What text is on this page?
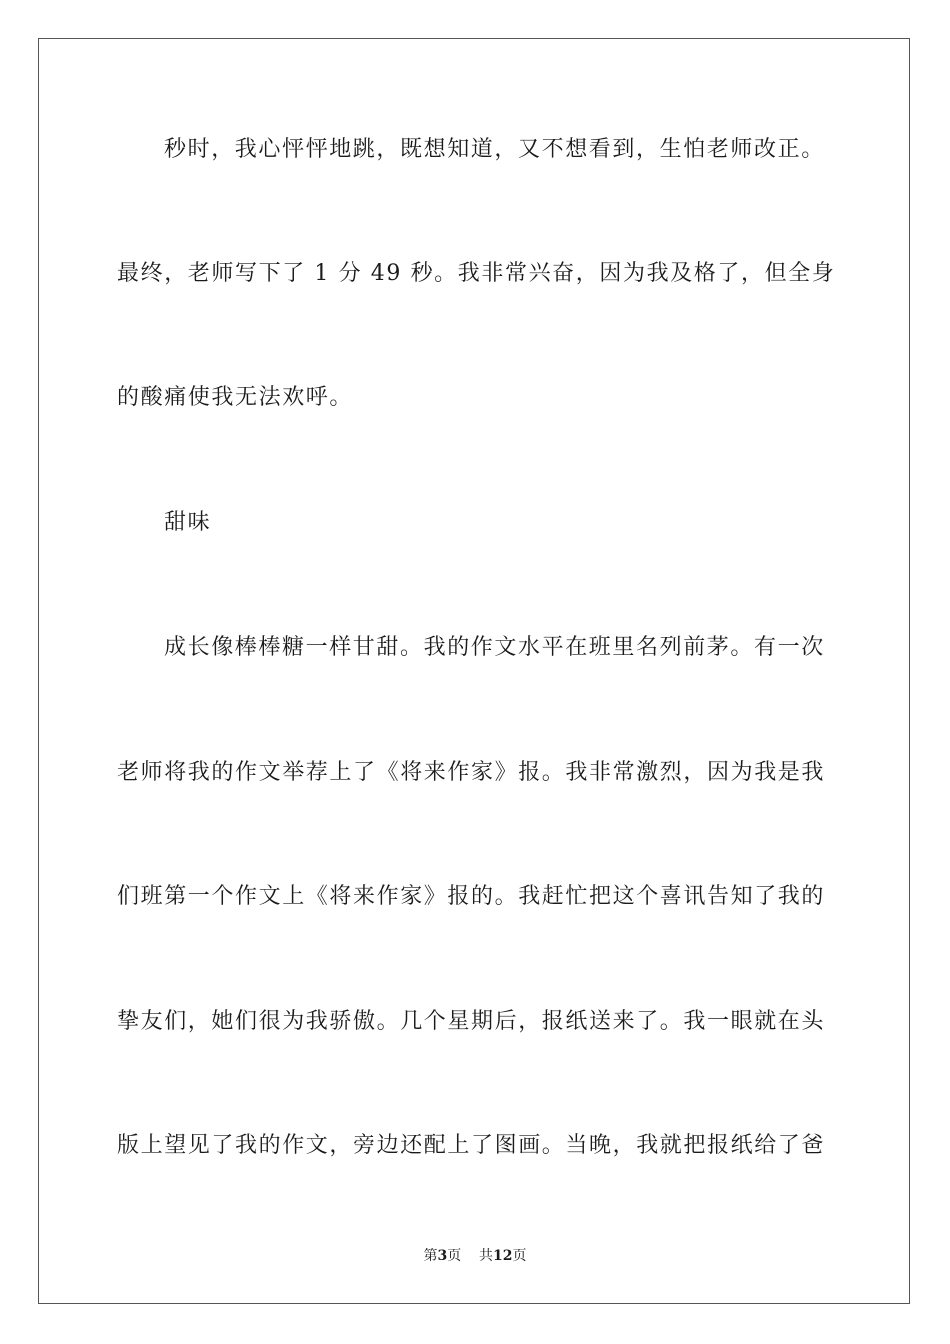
秒时，我心怦怦地跳，既想知道，又不想看到，生怕老师改正。
最终，老师写下了 1 分 49 秒。我非常兴奋，因为我及格了，但全身
的酸痛使我无法欢呼。
甜味
成长像棒棒糖一样甘甜。我的作文水平在班里名列前茅。有一次
老师将我的作文举荐上了《将来作家》报。我非常激烈，因为我是我
们班第一个作文上《将来作家》报的。我赶忙把这个喜讯告知了我的
挚友们，她们很为我骄傲。几个星期后，报纸送来了。我一眼就在头
版上望见了我的作文，旁边还配上了图画。当晚，我就把报纸给了爸
第3页 共12页
